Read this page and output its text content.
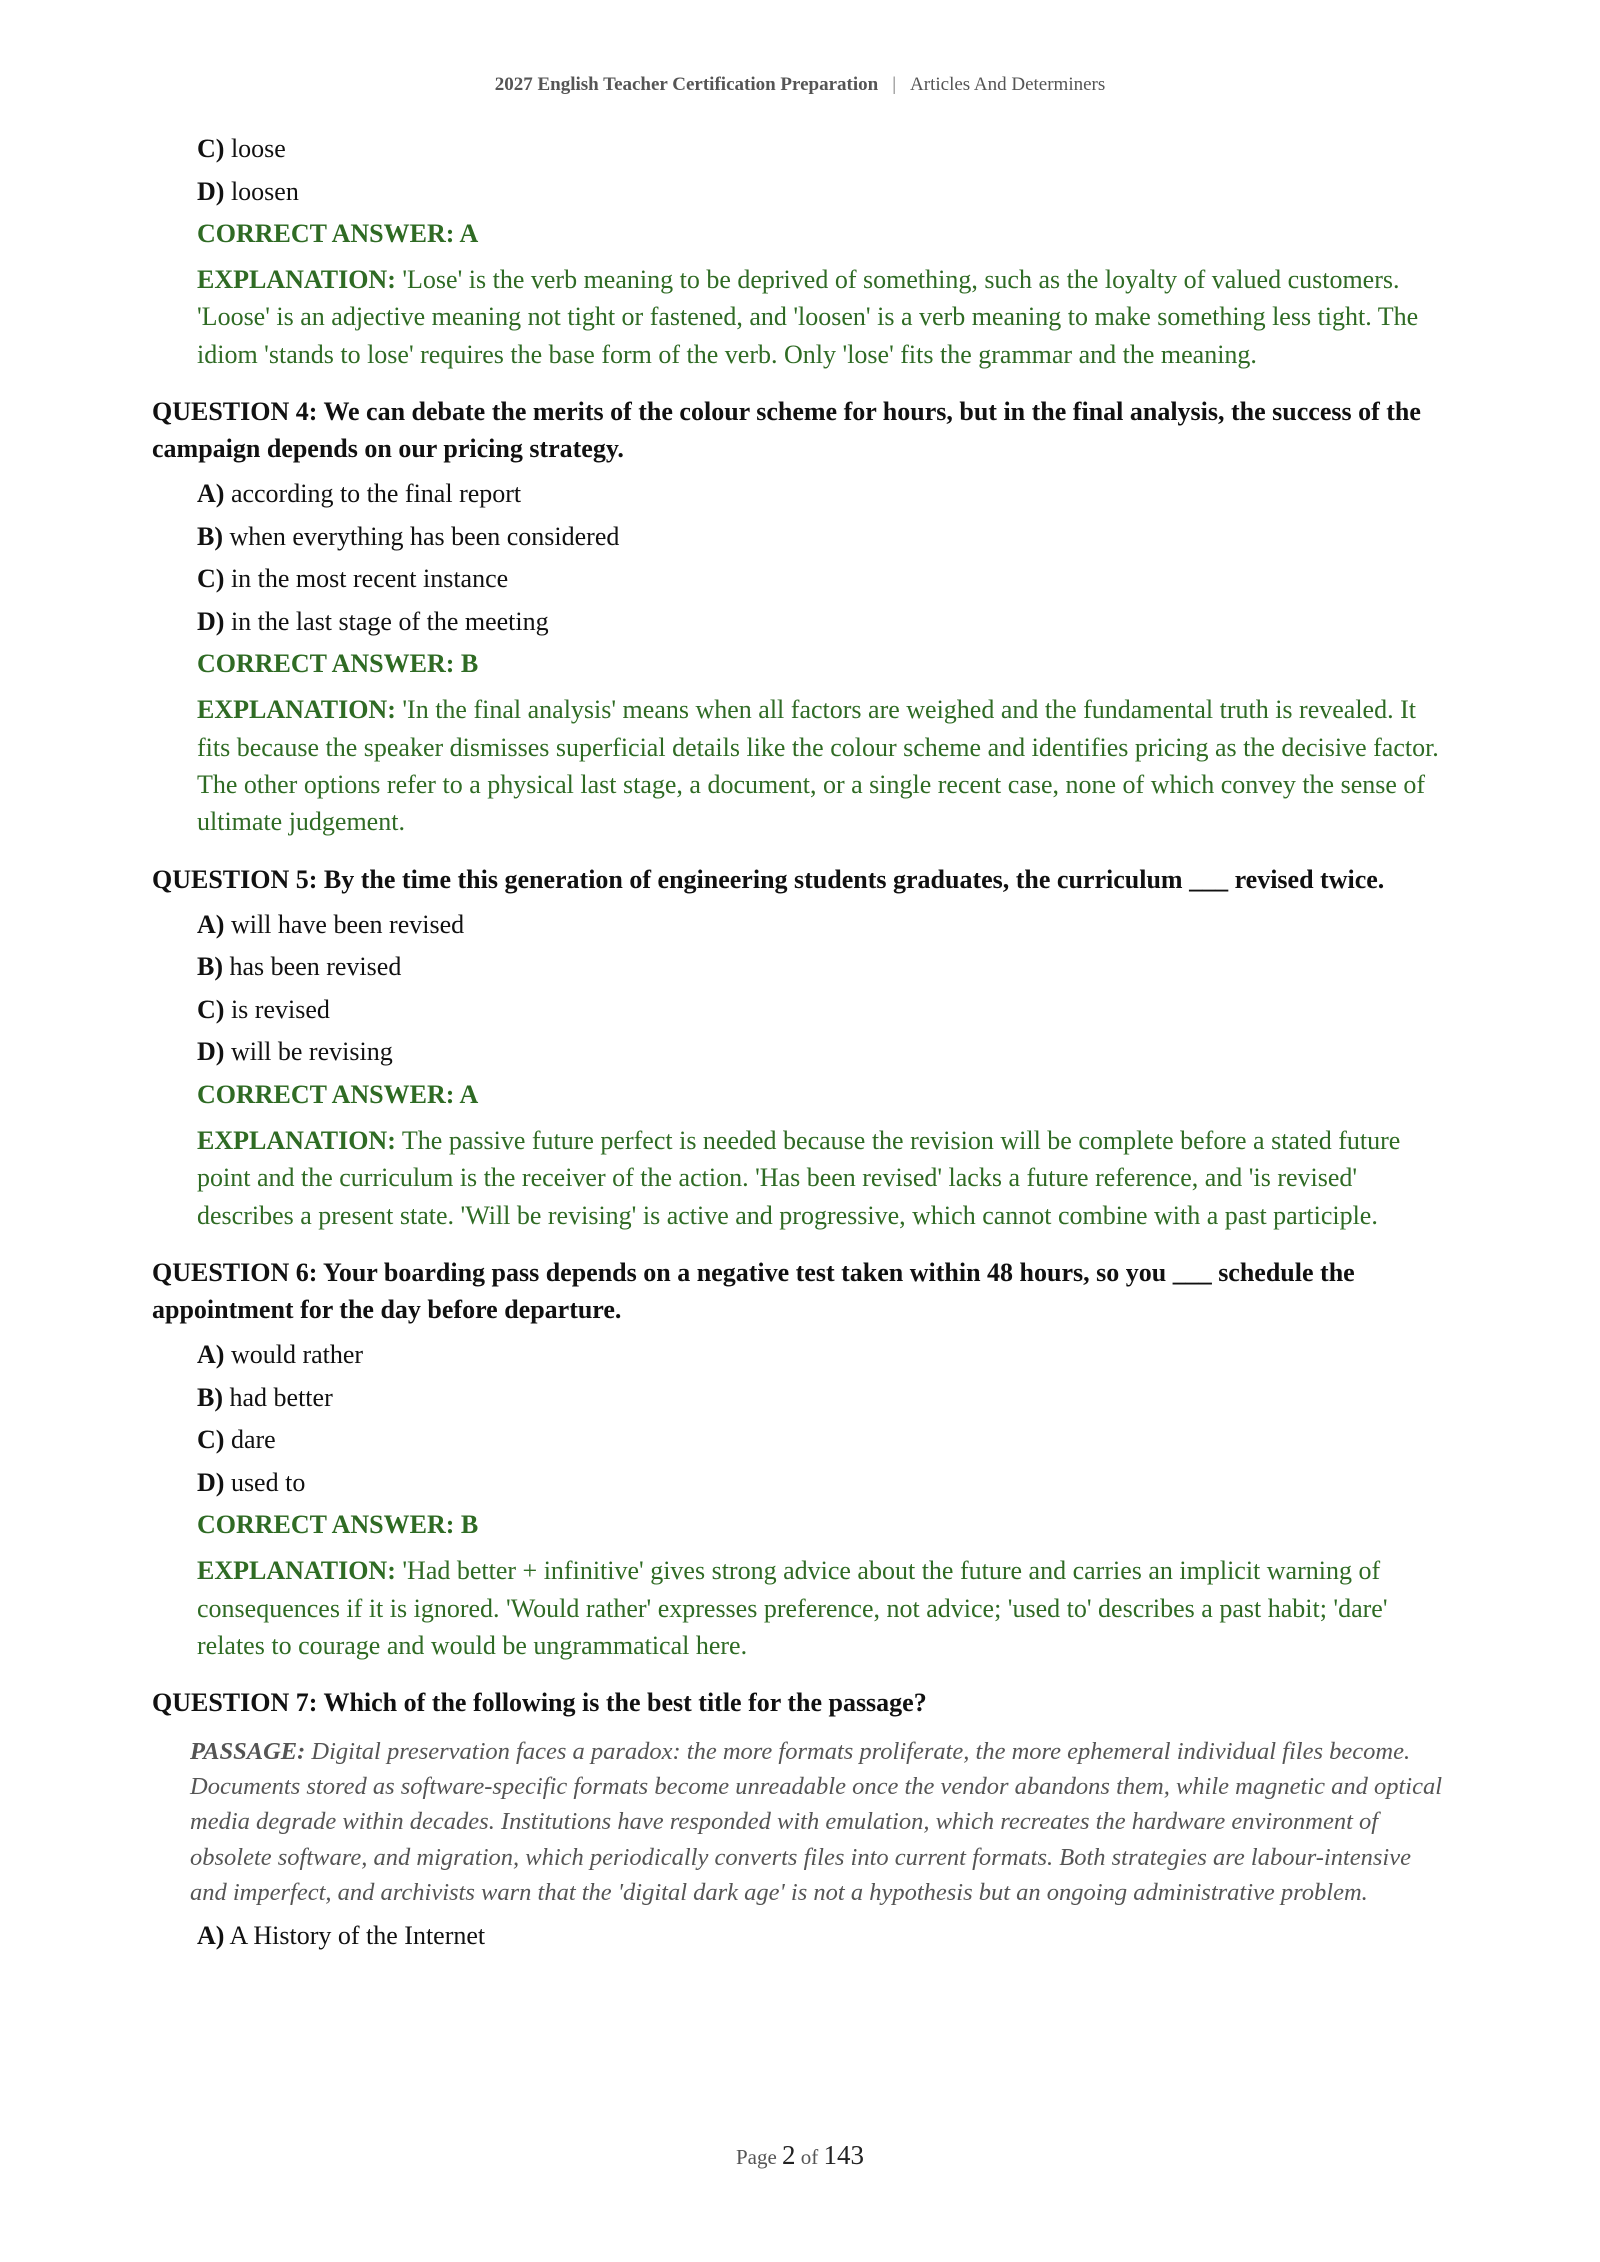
2027 English Teacher Certification Preparation | Articles And Determiners
C) loose
D) loosen
CORRECT ANSWER: A
EXPLANATION: 'Lose' is the verb meaning to be deprived of something, such as the loyalty of valued customers. 'Loose' is an adjective meaning not tight or fastened, and 'loosen' is a verb meaning to make something less tight. The idiom 'stands to lose' requires the base form of the verb. Only 'lose' fits the grammar and the meaning.
QUESTION 4: We can debate the merits of the colour scheme for hours, but in the final analysis, the success of the campaign depends on our pricing strategy.
A) according to the final report
B) when everything has been considered
C) in the most recent instance
D) in the last stage of the meeting
CORRECT ANSWER: B
EXPLANATION: 'In the final analysis' means when all factors are weighed and the fundamental truth is revealed. It fits because the speaker dismisses superficial details like the colour scheme and identifies pricing as the decisive factor. The other options refer to a physical last stage, a document, or a single recent case, none of which convey the sense of ultimate judgement.
QUESTION 5: By the time this generation of engineering students graduates, the curriculum ___ revised twice.
A) will have been revised
B) has been revised
C) is revised
D) will be revising
CORRECT ANSWER: A
EXPLANATION: The passive future perfect is needed because the revision will be complete before a stated future point and the curriculum is the receiver of the action. 'Has been revised' lacks a future reference, and 'is revised' describes a present state. 'Will be revising' is active and progressive, which cannot combine with a past participle.
QUESTION 6: Your boarding pass depends on a negative test taken within 48 hours, so you ___ schedule the appointment for the day before departure.
A) would rather
B) had better
C) dare
D) used to
CORRECT ANSWER: B
EXPLANATION: 'Had better + infinitive' gives strong advice about the future and carries an implicit warning of consequences if it is ignored. 'Would rather' expresses preference, not advice; 'used to' describes a past habit; 'dare' relates to courage and would be ungrammatical here.
QUESTION 7: Which of the following is the best title for the passage?
PASSAGE: Digital preservation faces a paradox: the more formats proliferate, the more ephemeral individual files become. Documents stored as software-specific formats become unreadable once the vendor abandons them, while magnetic and optical media degrade within decades. Institutions have responded with emulation, which recreates the hardware environment of obsolete software, and migration, which periodically converts files into current formats. Both strategies are labour-intensive and imperfect, and archivists warn that the 'digital dark age' is not a hypothesis but an ongoing administrative problem.
A) A History of the Internet
Page 2 of 143
